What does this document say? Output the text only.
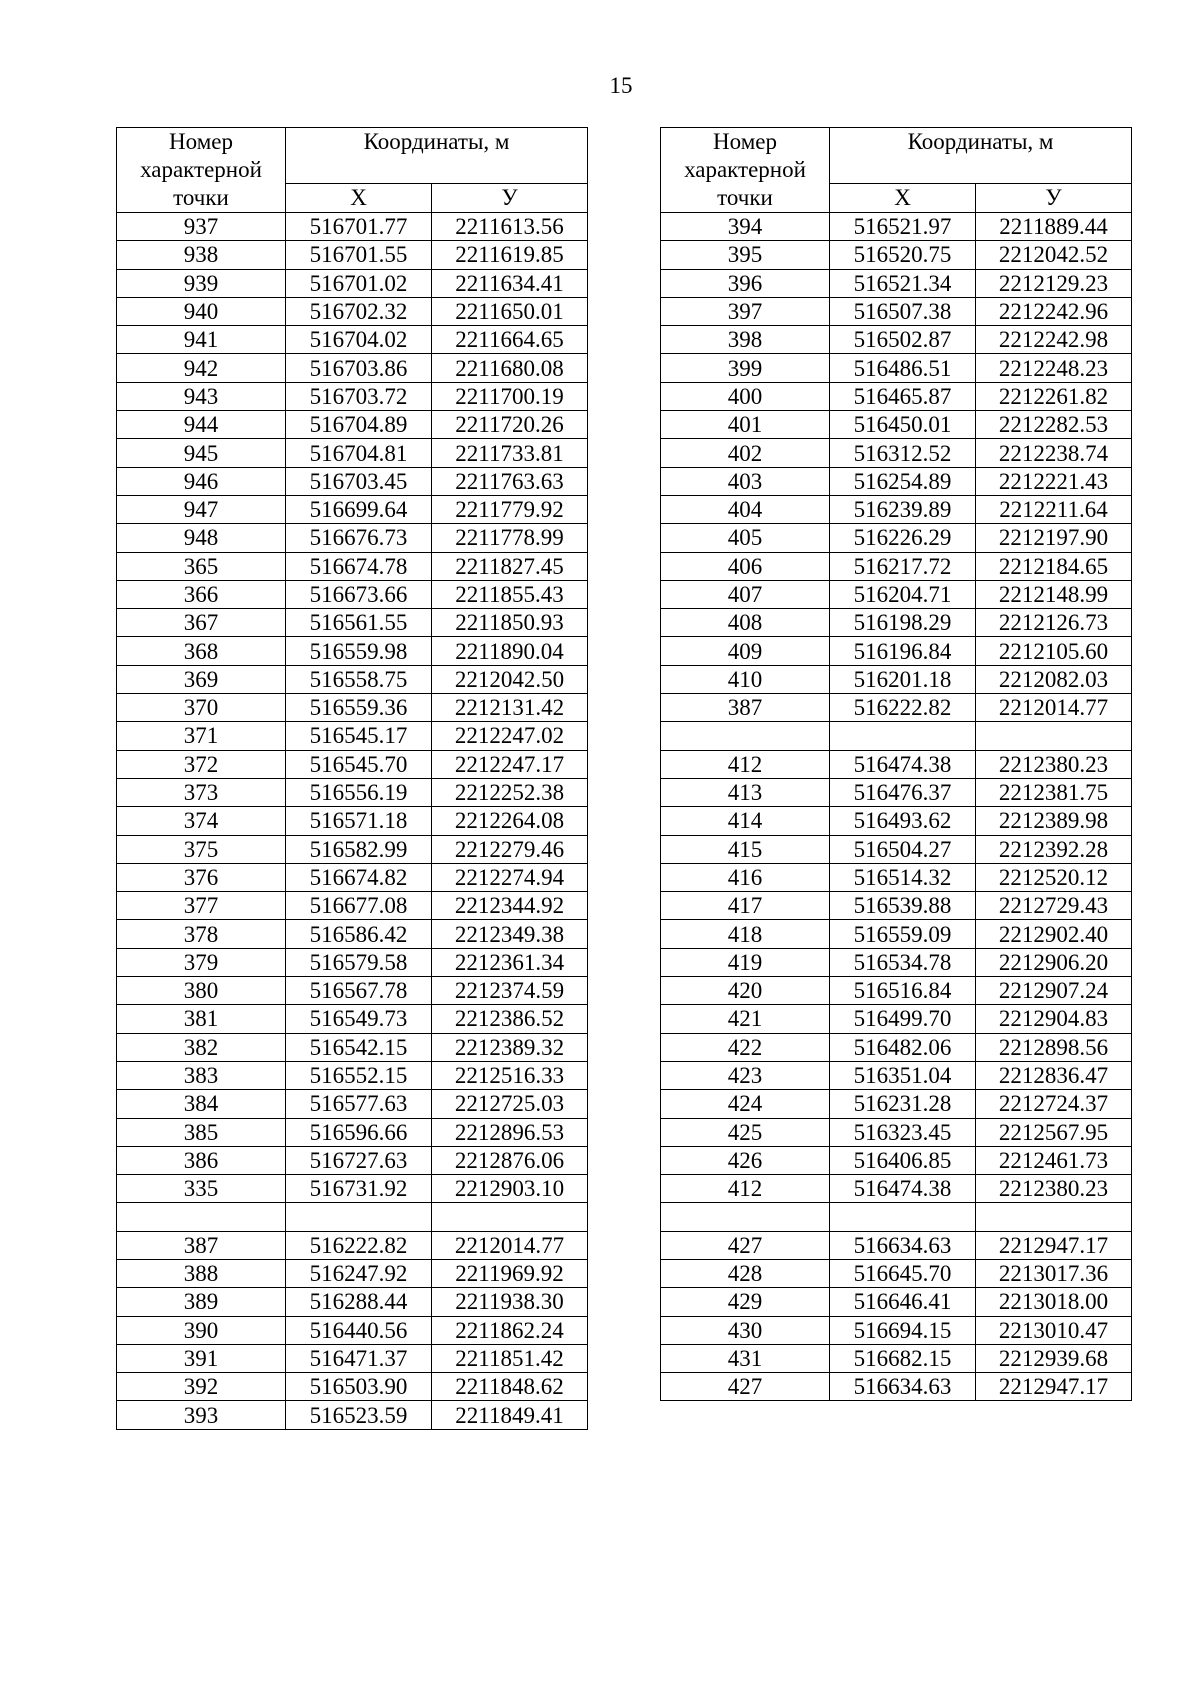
15
Номер характерной точки	Координаты, м	
	X	У
937	516701.77	2211613.56
938	516701.55	2211619.85
939	516701.02	2211634.41
940	516702.32	2211650.01
941	516704.02	2211664.65
942	516703.86	2211680.08
943	516703.72	2211700.19
944	516704.89	2211720.26
945	516704.81	2211733.81
946	516703.45	2211763.63
947	516699.64	2211779.92
948	516676.73	2211778.99
365	516674.78	2211827.45
366	516673.66	2211855.43
367	516561.55	2211850.93
368	516559.98	2211890.04
369	516558.75	2212042.50
370	516559.36	2212131.42
371	516545.17	2212247.02
372	516545.70	2212247.17
373	516556.19	2212252.38
374	516571.18	2212264.08
375	516582.99	2212279.46
376	516674.82	2212274.94
377	516677.08	2212344.92
378	516586.42	2212349.38
379	516579.58	2212361.34
380	516567.78	2212374.59
381	516549.73	2212386.52
382	516542.15	2212389.32
383	516552.15	2212516.33
384	516577.63	2212725.03
385	516596.66	2212896.53
386	516727.63	2212876.06
335	516731.92	2212903.10

387	516222.82	2212014.77
388	516247.92	2211969.92
389	516288.44	2211938.30
390	516440.56	2211862.24
391	516471.37	2211851.42
392	516503.90	2211848.62
393	516523.59	2211849.41
Номер характерной точки	Координаты, м	
	X	У
394	516521.97	2211889.44
395	516520.75	2212042.52
396	516521.34	2212129.23
397	516507.38	2212242.96
398	516502.87	2212242.98
399	516486.51	2212248.23
400	516465.87	2212261.82
401	516450.01	2212282.53
402	516312.52	2212238.74
403	516254.89	2212221.43
404	516239.89	2212211.64
405	516226.29	2212197.90
406	516217.72	2212184.65
407	516204.71	2212148.99
408	516198.29	2212126.73
409	516196.84	2212105.60
410	516201.18	2212082.03
387	516222.82	2212014.77

412	516474.38	2212380.23
413	516476.37	2212381.75
414	516493.62	2212389.98
415	516504.27	2212392.28
416	516514.32	2212520.12
417	516539.88	2212729.43
418	516559.09	2212902.40
419	516534.78	2212906.20
420	516516.84	2212907.24
421	516499.70	2212904.83
422	516482.06	2212898.56
423	516351.04	2212836.47
424	516231.28	2212724.37
425	516323.45	2212567.95
426	516406.85	2212461.73
412	516474.38	2212380.23

427	516634.63	2212947.17
428	516645.70	2213017.36
429	516646.41	2213018.00
430	516694.15	2213010.47
431	516682.15	2212939.68
427	516634.63	2212947.17
